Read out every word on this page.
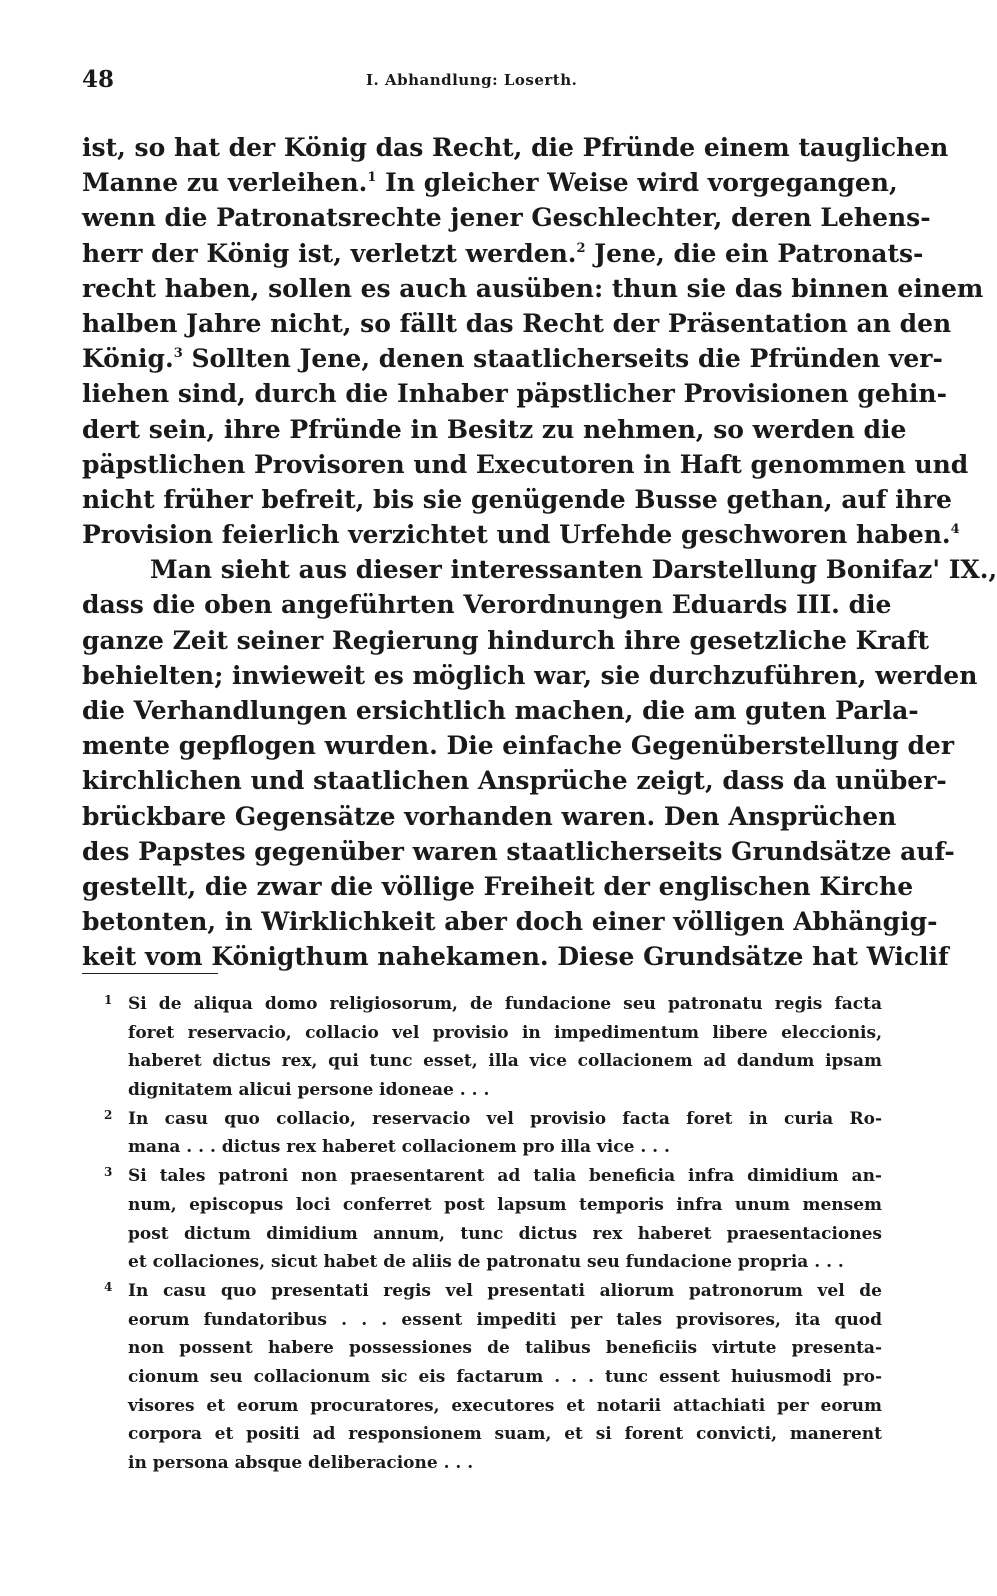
48	I. Abhandlung: Loserth.
ist, so hat der König das Recht, die Pfründe einem tauglichen
Manne zu verleihen.$^1$ In gleicher Weise wird vorgegangen,
wenn die Patronatsrechte jener Geschlechter, deren Lehens-
herr der König ist, verletzt werden.$^2$ Jene, die ein Patronats-
recht haben, sollen es auch ausüben: thun sie das binnen einem
halben Jahre nicht, so fällt das Recht der Präsentation an den
König.$^3$ Sollten Jene, denen staatlicherseits die Pfründen ver-
liehen sind, durch die Inhaber päpstlicher Provisionen gehin-
dert sein, ihre Pfründe in Besitz zu nehmen, so werden die
päpstlichen Provisoren und Executoren in Haft genommen und
nicht früher befreit, bis sie genügende Busse gethan, auf ihre
Provision feierlich verzichtet und Urfehde geschworen haben.$^4$
Man sieht aus dieser interessanten Darstellung Bonifaz' IX.,
dass die oben angeführten Verordnungen Eduards III. die
ganze Zeit seiner Regierung hindurch ihre gesetzliche Kraft
behielten; inwieweit es möglich war, sie durchzuführen, werden
die Verhandlungen ersichtlich machen, die am guten Parla-
mente gepflogen wurden. Die einfache Gegenüberstellung der
kirchlichen und staatlichen Ansprüche zeigt, dass da unüber-
brückbare Gegensätze vorhanden waren. Den Ansprüchen
des Papstes gegenüber waren staatlicherseits Grundsätze auf-
gestellt, die zwar die völlige Freiheit der englischen Kirche
betonten, in Wirklichkeit aber doch einer völligen Abhängig-
keit vom Königthum nahekamen. Diese Grundsätze hat Wiclif
1 Si de aliqua domo religiosorum, de fundacione seu patronatu regis facta
foret reservacio, collacio vel provisio in impedimentum libere eleccionis,
haberet dictus rex, qui tunc esset, illa vice collacionem ad dandum ipsam
dignitatem alicui persone idoneae . . .
2 In casu quo collacio, reservacio vel provisio facta foret in curia Ro-
mana . . . dictus rex haberet collacionem pro illa vice . . .
3 Si tales patroni non praesentarent ad talia beneficia infra dimidium an-
num, episcopus loci conferret post lapsum temporis infra unum mensem
post dictum dimidium annum, tunc dictus rex haberet praesentaciones
et collaciones, sicut habet de aliis de patronatu seu fundacione propria . . .
4 In casu quo presentati regis vel presentati aliorum patronorum vel de
eorum fundatoribus . . . essent impediti per tales provisores, ita quod
non possent habere possessiones de talibus beneficiis virtute presenta-
cionum seu collacionum sic eis factarum . . . tunc essent huiusmodi pro-
visores et eorum procuratores, executores et notarii attachiati per eorum
corpora et positi ad responsionem suam, et si forent convicti, manerent
in persona absque deliberacione . . .
